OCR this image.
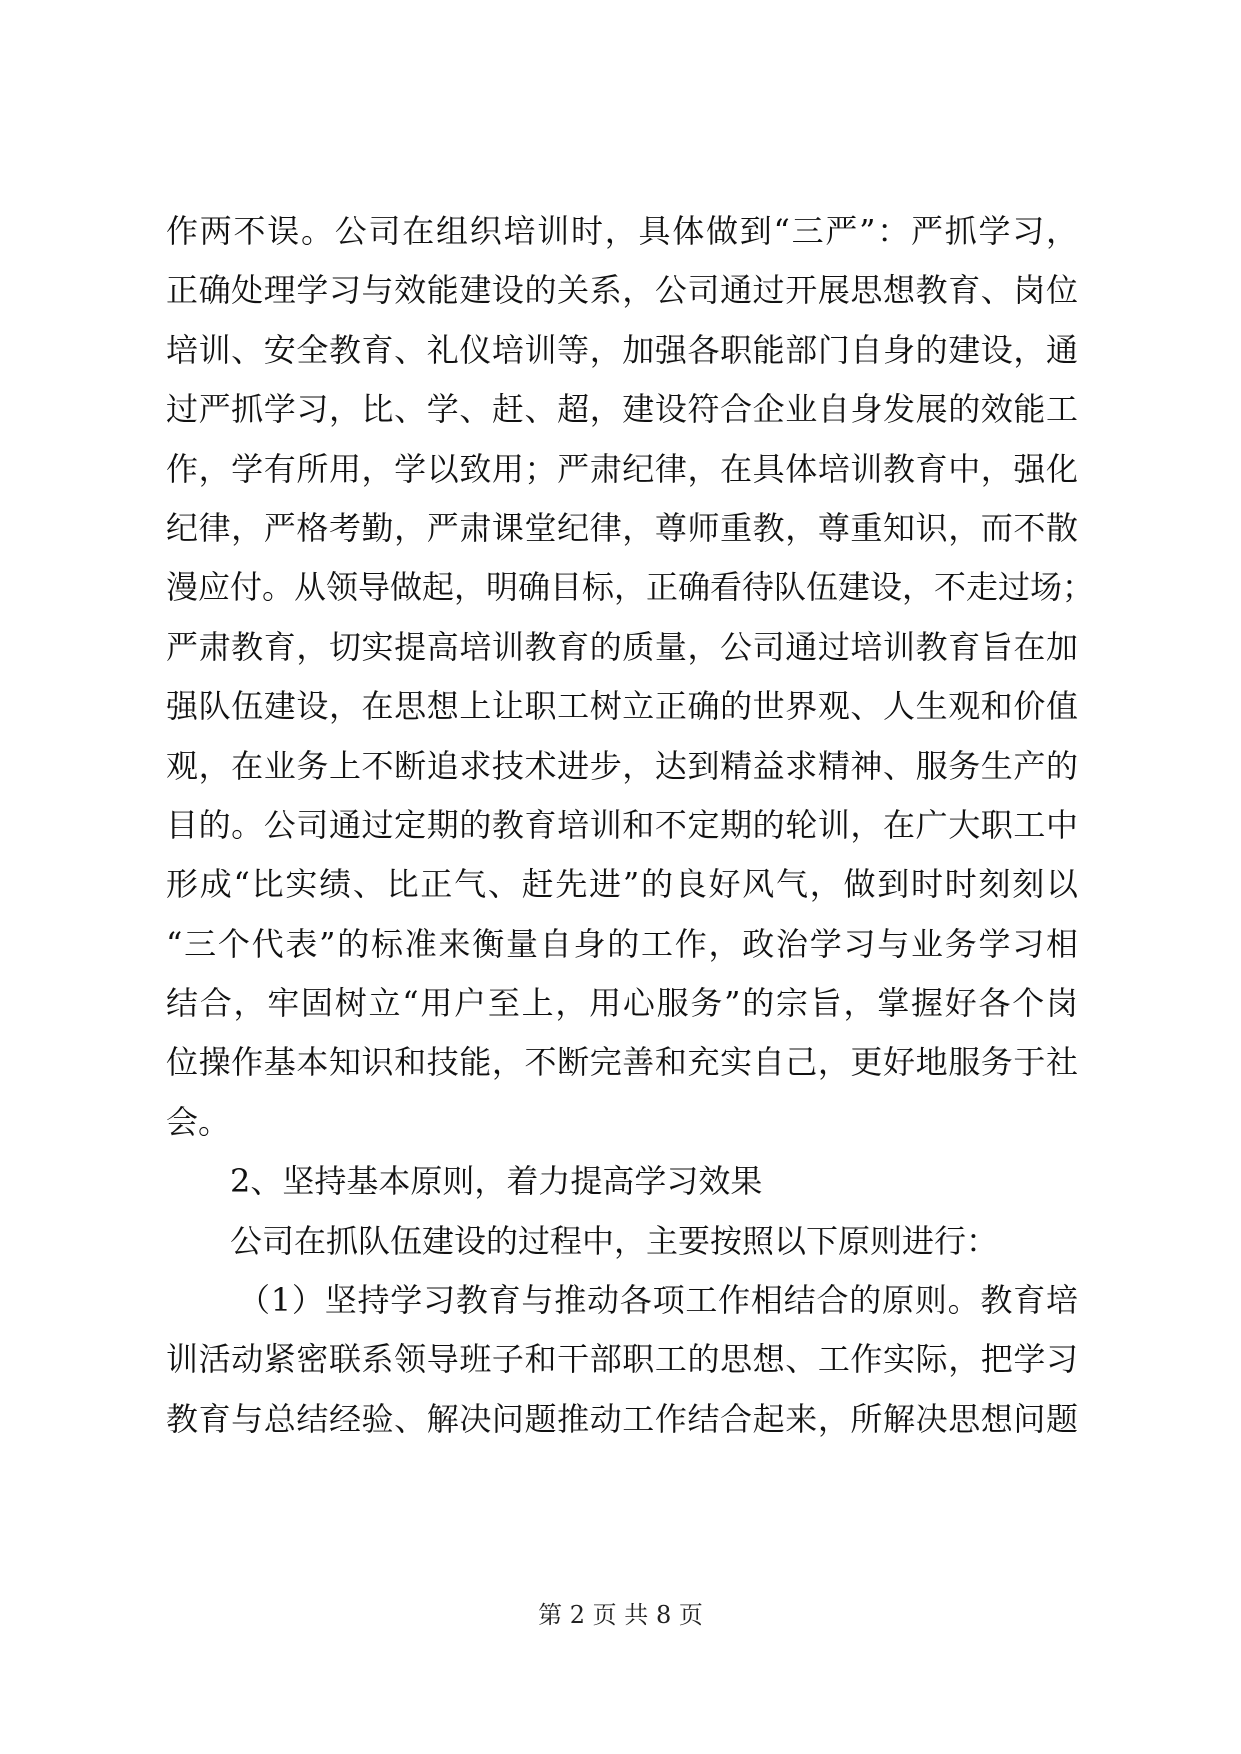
作两不误。公司在组织培训时，具体做到“三严”：严抓学习，
正确处理学习与效能建设的关系，公司通过开展思想教育、岗位
培训、安全教育、礼仪培训等，加强各职能部门自身的建设，通
过严抓学习，比、学、赶、超，建设符合企业自身发展的效能工
作，学有所用，学以致用；严肃纪律，在具体培训教育中，强化
纪律，严格考勤，严肃课堂纪律，尊师重教，尊重知识，而不散
漫应付。从领导做起，明确目标，正确看待队伍建设，不走过场；
严肃教育，切实提高培训教育的质量，公司通过培训教育旨在加
强队伍建设，在思想上让职工树立正确的世界观、人生观和价值
观，在业务上不断追求技术进步，达到精益求精神、服务生产的
目的。公司通过定期的教育培训和不定期的轮训，在广大职工中
形成“比实绩、比正气、赶先进”的良好风气，做到时时刻刻以
“三个代表”的标准来衡量自身的工作，政治学习与业务学习相
结合，牢固树立“用户至上，用心服务”的宗旨，掌握好各个岗
位操作基本知识和技能，不断完善和充实自己，更好地服务于社
会。
2、坚持基本原则，着力提高学习效果
公司在抓队伍建设的过程中，主要按照以下原则进行：
（1）坚持学习教育与推动各项工作相结合的原则。教育培
训活动紧密联系领导班子和干部职工的思想、工作实际，把学习
教育与总结经验、解决问题推动工作结合起来，所解决思想问题
第 2 页 共 8 页
